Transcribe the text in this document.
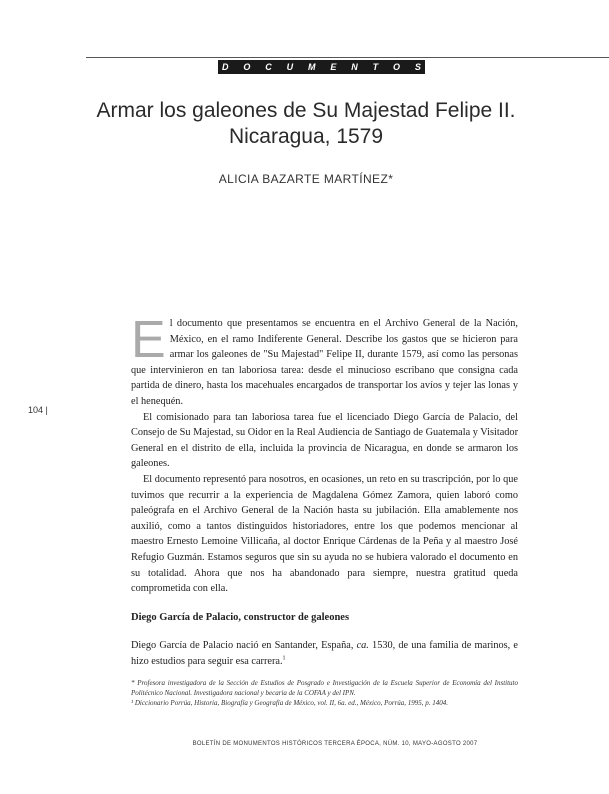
D O C U M E N T O S
Armar los galeones de Su Majestad Felipe II.
Nicaragua, 1579
ALICIA BAZARTE MARTÍNEZ*
104 |

El documento que presentamos se encuentra en el Archivo General de la Nación, México, en el ramo Indiferente General. Describe los gastos que se hicieron para armar los galeones de "Su Majestad" Felipe II, durante 1579, así como las personas que intervinieron en tan laboriosa tarea: desde el minucioso escribano que consigna cada partida de dinero, hasta los macehuales encargados de transportar los avíos y tejer las lonas y el henequén.

El comisionado para tan laboriosa tarea fue el licenciado Diego García de Palacio, del Consejo de Su Majestad, su Oidor en la Real Audiencia de Santiago de Guatemala y Visitador General en el distrito de ella, incluida la provincia de Nicaragua, en donde se armaron los galeones.

El documento representó para nosotros, en ocasiones, un reto en su trascripción, por lo que tuvimos que recurrir a la experiencia de Magdalena Gómez Zamora, quien laboró como paleógrafa en el Archivo General de la Nación hasta su jubilación. Ella amablemente nos auxilió, como a tantos distinguidos historiadores, entre los que podemos mencionar al maestro Ernesto Lemoine Villicaña, al doctor Enrique Cárdenas de la Peña y al maestro José Refugio Guzmán. Estamos seguros que sin su ayuda no se hubiera valorado el documento en su totalidad. Ahora que nos ha abandonado para siempre, nuestra gratitud queda comprometida con ella.

Diego García de Palacio, constructor de galeones

Diego García de Palacio nació en Santander, España, ca. 1530, de una familia de marinos, e hizo estudios para seguir esa carrera.$^1$

* Profesora investigadora de la Sección de Estudios de Posgrado e Investigación de la Escuela Superior de Economía del Instituto Politécnico Nacional. Investigadora nacional y becaria de la COFAA y del IPN.

¹ Diccionario Porrúa, Historia, Biografía y Geografía de México, vol. II, 6a. ed., México, Porrúa, 1995, p. 1404.

BOLETÍN DE MONUMENTOS HISTÓRICOS TERCERA ÉPOCA, NÚM. 10, MAYO-AGOSTO 2007
